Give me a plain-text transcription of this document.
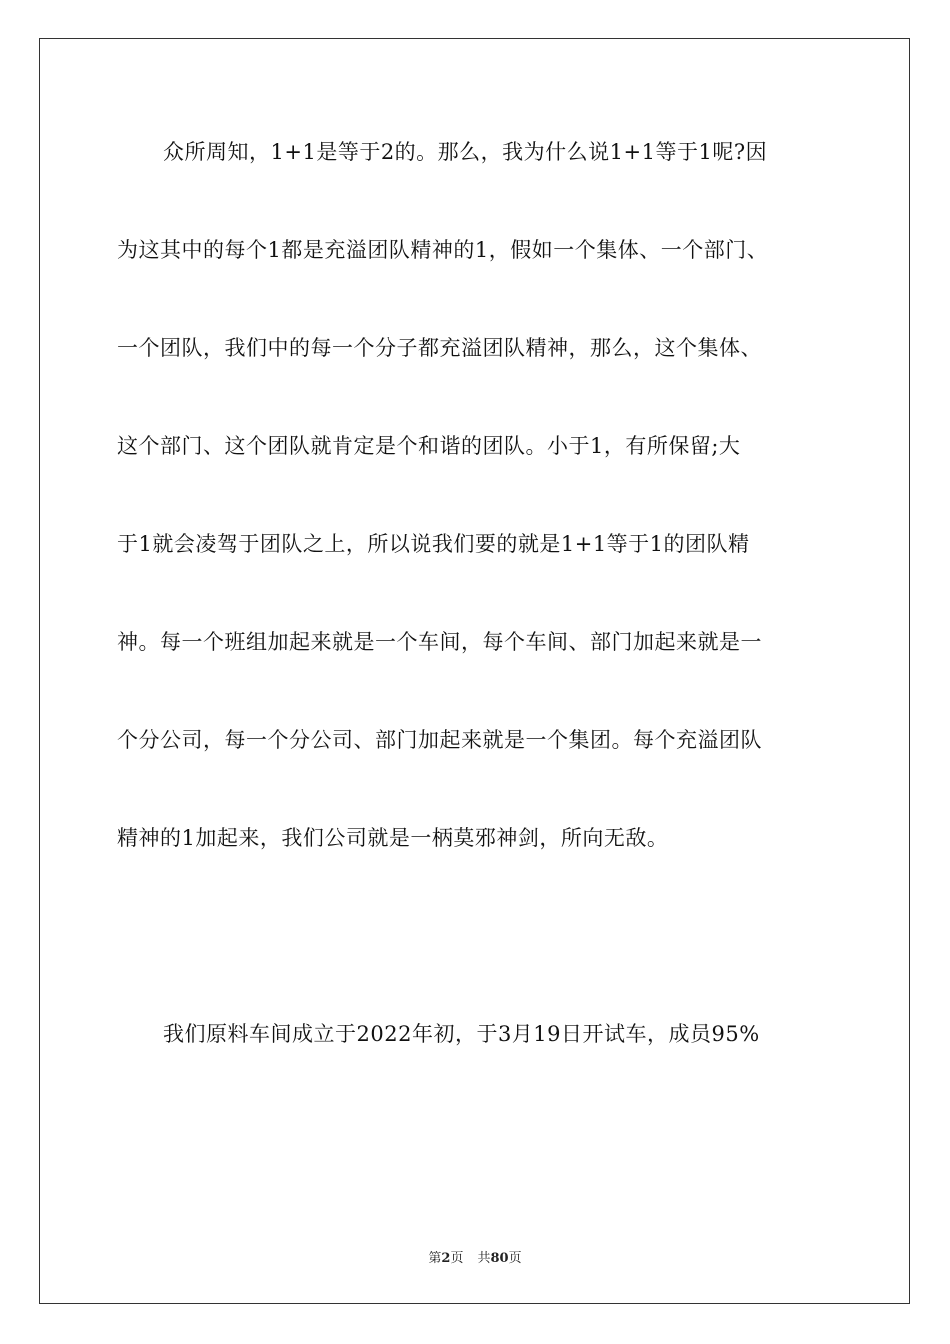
众所周知，1+1是等于2的。那么，我为什么说1+1等于1呢?因
为这其中的每个1都是充溢团队精神的1，假如一个集体、一个部门、
一个团队，我们中的每一个分子都充溢团队精神，那么，这个集体、
这个部门、这个团队就肯定是个和谐的团队。小于1，有所保留;大
于1就会凌驾于团队之上，所以说我们要的就是1+1等于1的团队精
神。每一个班组加起来就是一个车间，每个车间、部门加起来就是一
个分公司，每一个分公司、部门加起来就是一个集团。每个充溢团队
精神的1加起来，我们公司就是一柄莫邪神剑，所向无敌。
我们原料车间成立于2022年初，于3月19日开试车，成员95%
第2页 共80页
